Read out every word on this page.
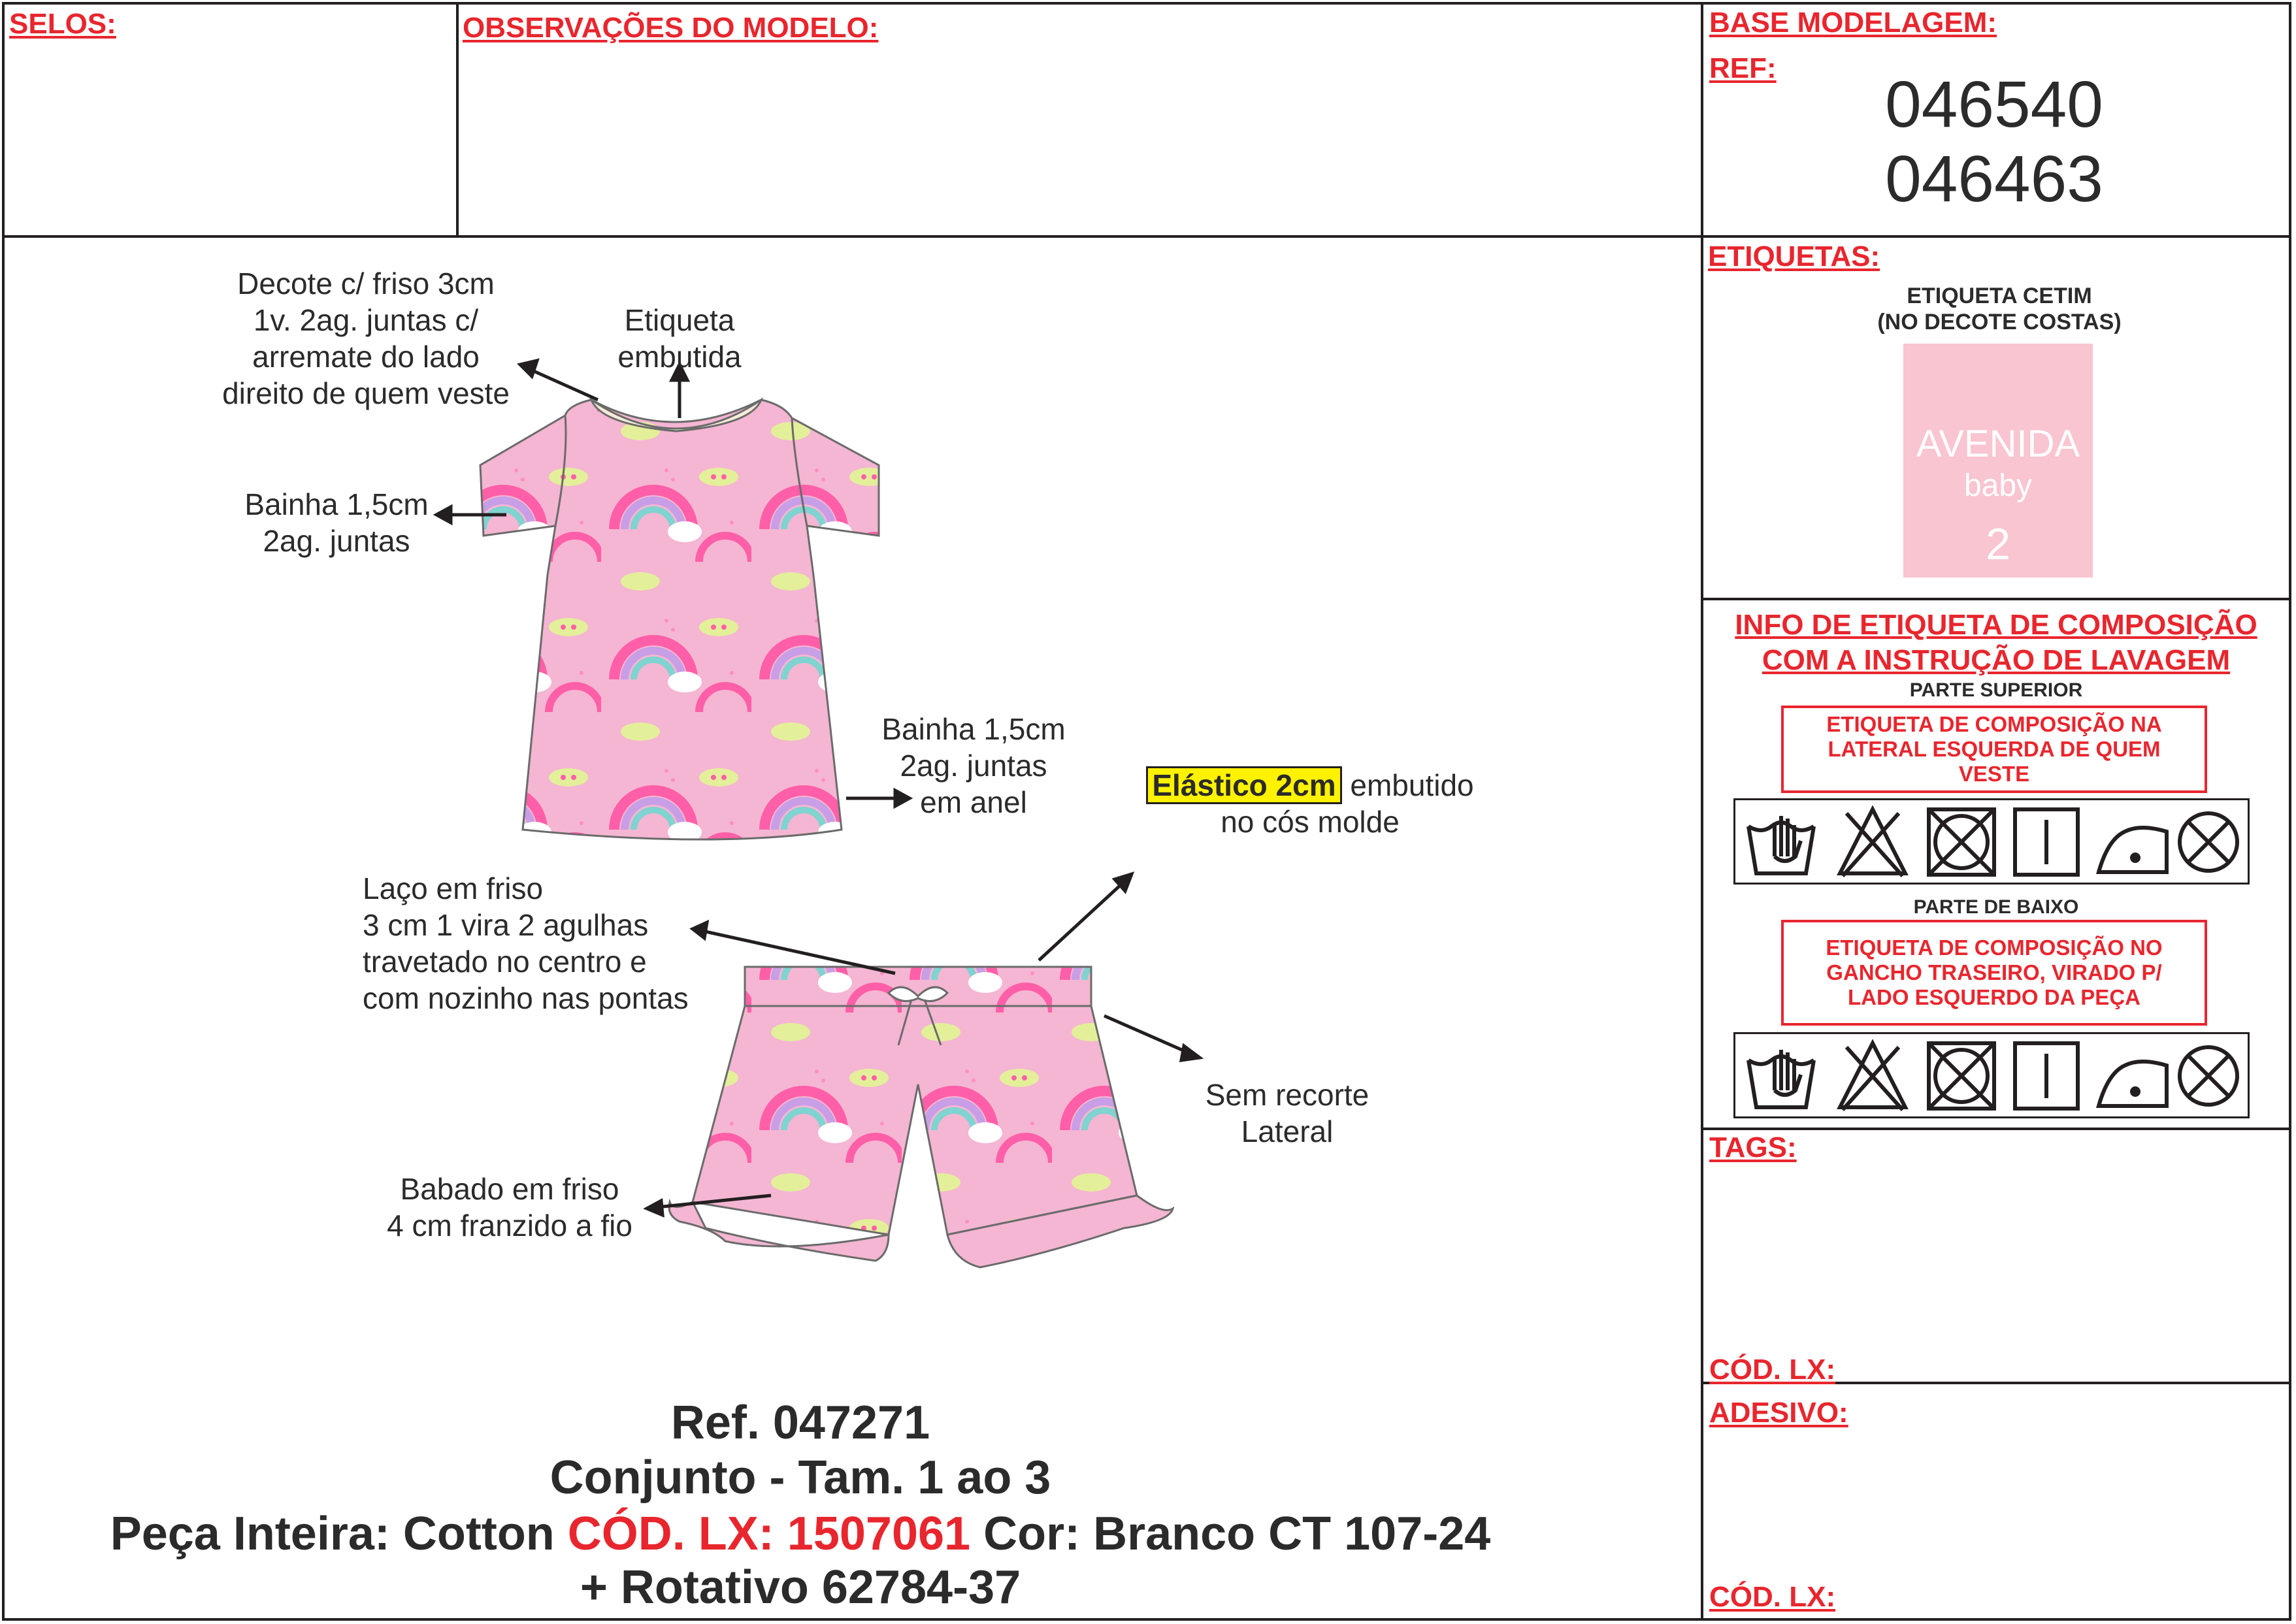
SELOS:	OBSERVAÇÕES DO MODELO:	BASE MODELAGEM:
REF:	046540
046463
ETIQUETAS:
ETIQUETA CETIM
(NO DECOTE COSTAS)
AVENIDA
baby
2
INFO DE ETIQUETA DE COMPOSIÇÃO
COM A INSTRUÇÃO DE LAVAGEM
PARTE SUPERIOR
ETIQUETA DE COMPOSIÇÃO NA
LATERAL ESQUERDA DE QUEM
VESTE
PARTE DE BAIXO
ETIQUETA DE COMPOSIÇÃO NO
GANCHO TRASEIRO, VIRADO P/
LADO ESQUERDO DA PEÇA
TAGS:
CÓD. LX:
ADESIVO:
CÓD. LX:
Decote c/ friso 3cm
1v. 2ag. juntas c/
arremate do lado
direito de quem veste
Etiqueta
embutida
Bainha 1,5cm
2ag. juntas
Bainha 1,5cm
2ag. juntas
em anel	Elástico 2cm embutido
no cós molde
Laço em friso
3 cm 1 vira 2 agulhas
travetado no centro e
com nozinho nas pontas
Sem recorte
Lateral
Babado em friso
4 cm franzido a fio
Ref. 047271
Conjunto - Tam. 1 ao 3
Peça Inteira: Cotton CÓD. LX: 1507061 Cor: Branco CT 107-24
+ Rotativo 62784-37
